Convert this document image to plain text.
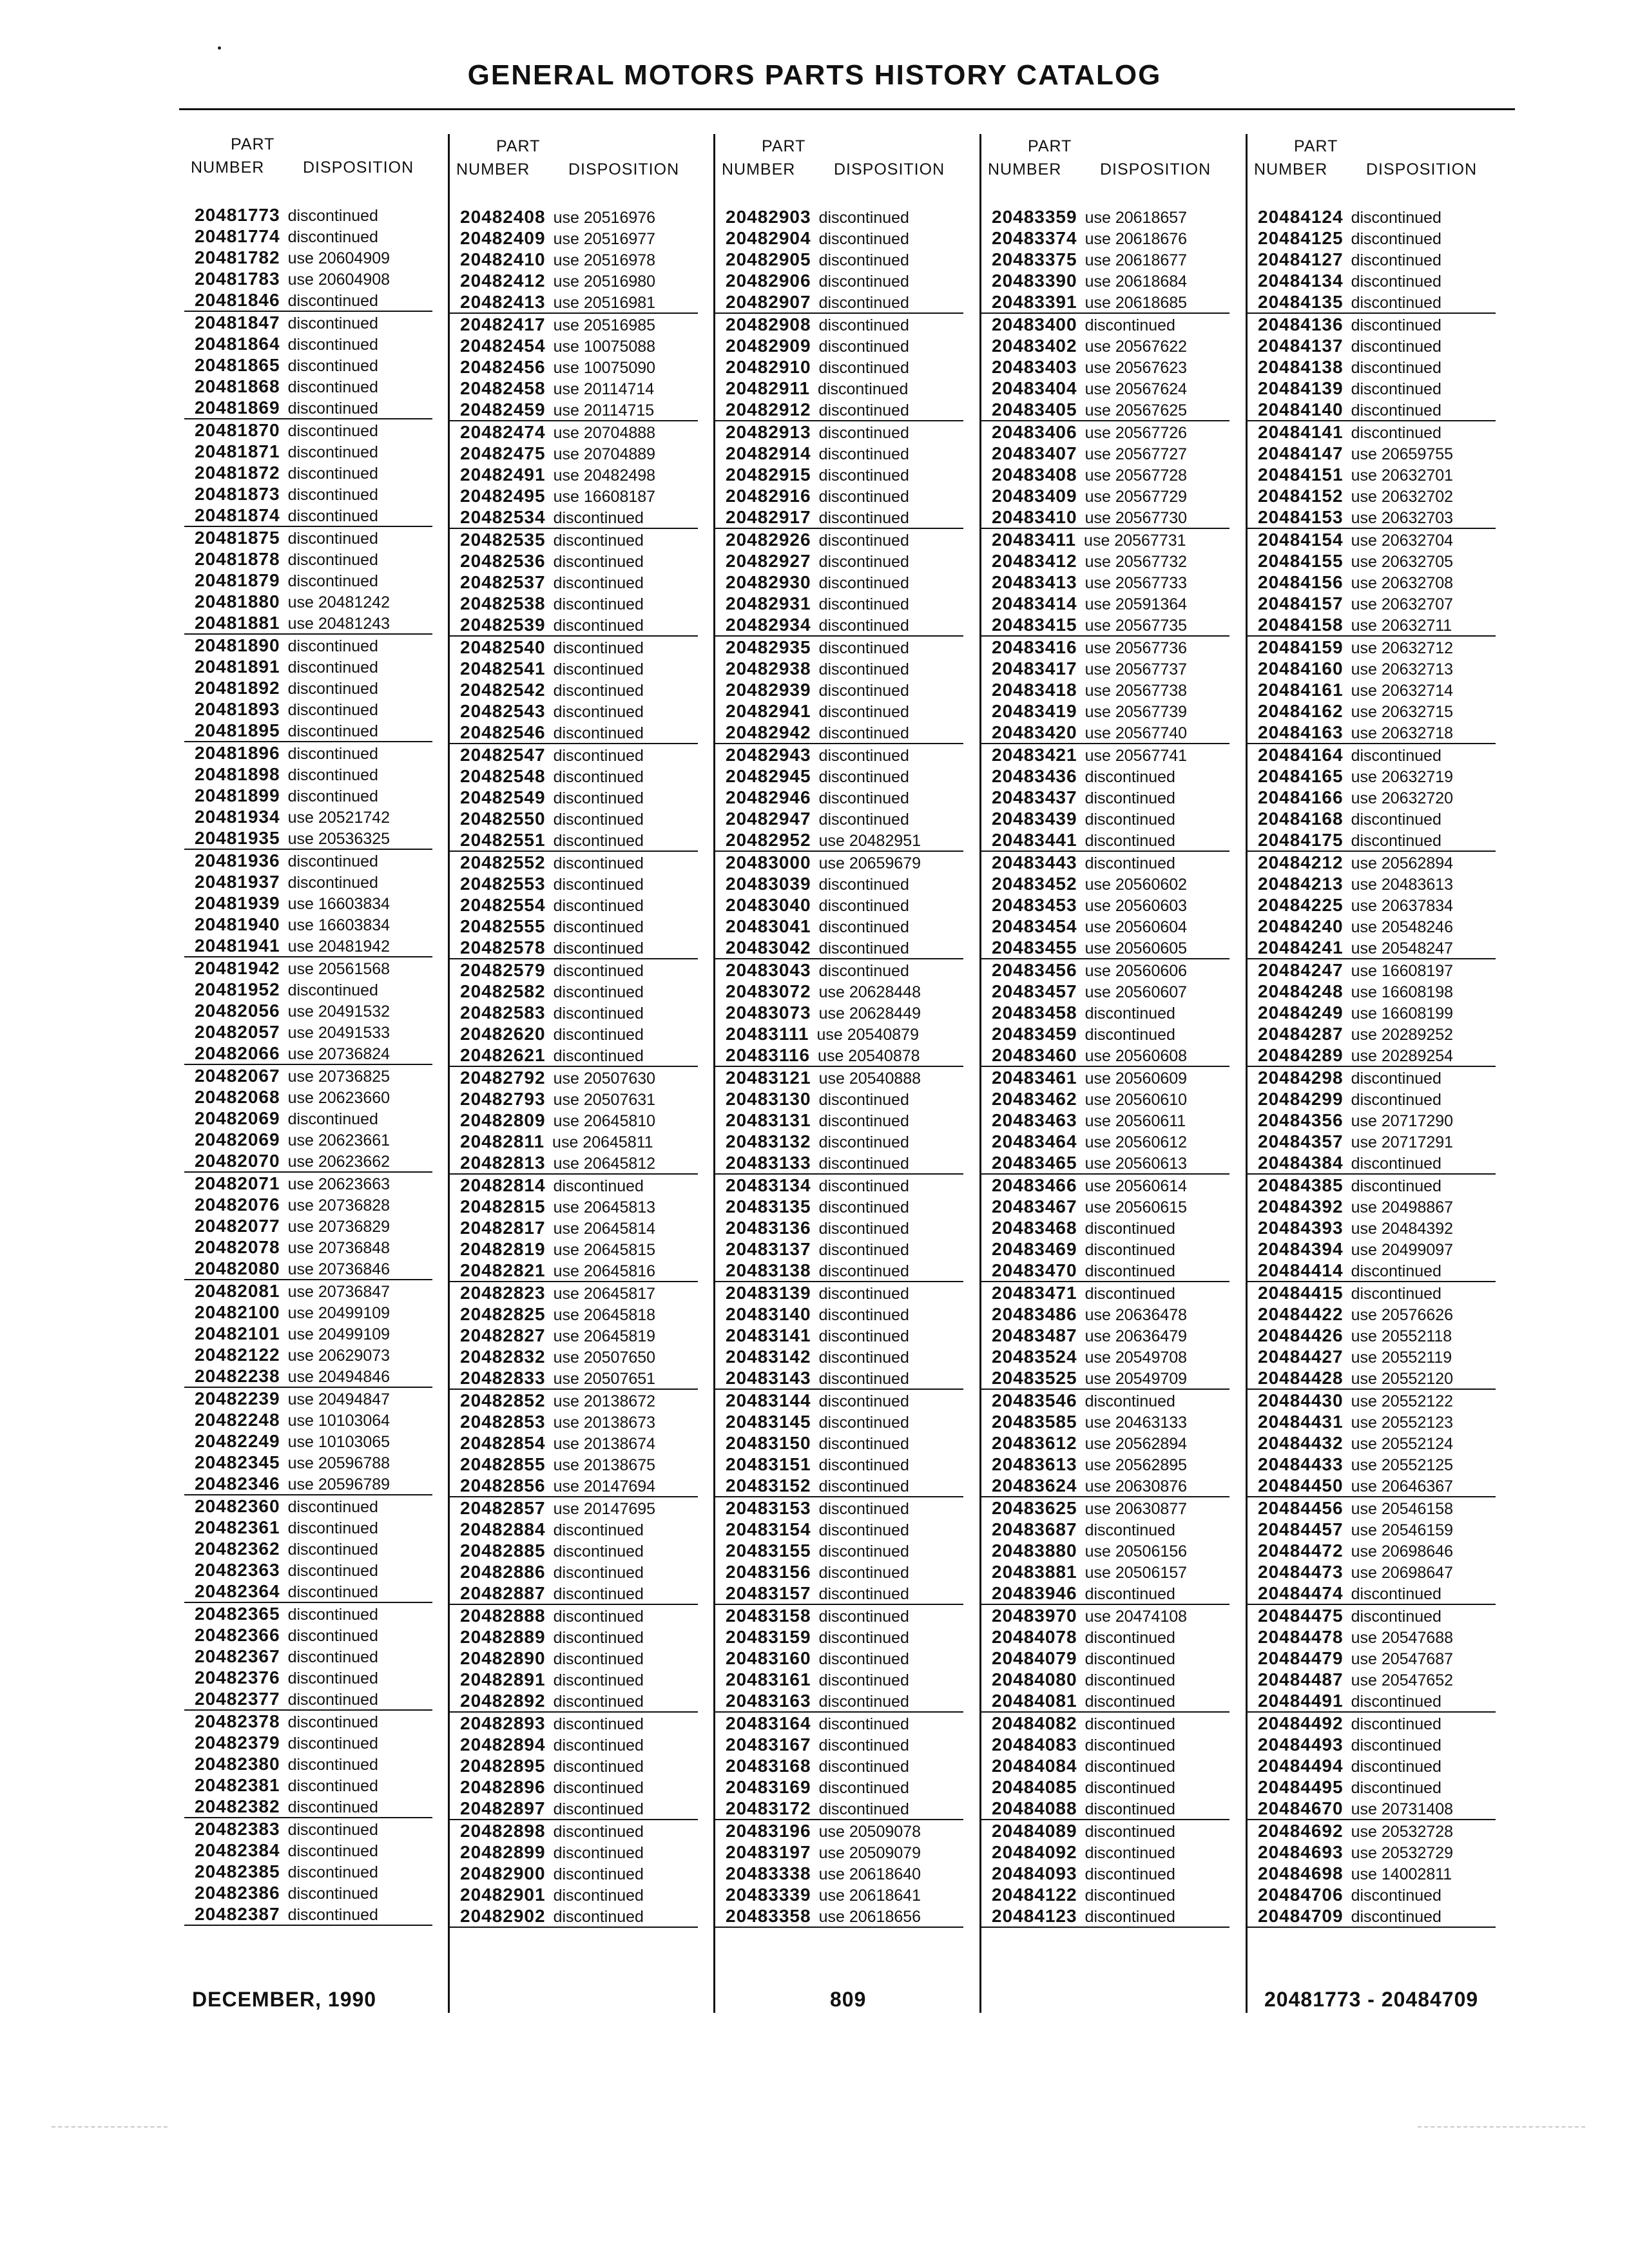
GENERAL MOTORS PARTS HISTORY CATALOG
PART
NUMBER DISPOSITION
20481773 discontinued
20481774 discontinued
20481782 use 20604909
20481783 use 20604908
20481846 discontinued
20481847 discontinued
20481864 discontinued
20481865 discontinued
20481868 discontinued
20481869 discontinued
20481870 discontinued
20481871 discontinued
20481872 discontinued
20481873 discontinued
20481874 discontinued
20481875 discontinued
20481878 discontinued
20481879 discontinued
20481880 use 20481242
20481881 use 20481243
20481890 discontinued
20481891 discontinued
20481892 discontinued
20481893 discontinued
20481895 discontinued
20481896 discontinued
20481898 discontinued
20481899 discontinued
20481934 use 20521742
20481935 use 20536325
20481936 discontinued
20481937 discontinued
20481939 use 16603834
20481940 use 16603834
20481941 use 20481942
20481942 use 20561568
20481952 discontinued
20482056 use 20491532
20482057 use 20491533
20482066 use 20736824
20482067 use 20736825
20482068 use 20623660
20482069 discontinued
20482069 use 20623661
20482070 use 20623662
20482071 use 20623663
20482076 use 20736828
20482077 use 20736829
20482078 use 20736848
20482080 use 20736846
20482081 use 20736847
20482100 use 20499109
20482101 use 20499109
20482122 use 20629073
20482238 use 20494846
20482239 use 20494847
20482248 use 10103064
20482249 use 10103065
20482345 use 20596788
20482346 use 20596789
20482360 discontinued
20482361 discontinued
20482362 discontinued
20482363 discontinued
20482364 discontinued
20482365 discontinued
20482366 discontinued
20482367 discontinued
20482376 discontinued
20482377 discontinued
20482378 discontinued
20482379 discontinued
20482380 discontinued
20482381 discontinued
20482382 discontinued
20482383 discontinued
20482384 discontinued
20482385 discontinued
20482386 discontinued
20482387 discontinued
PART
NUMBER DISPOSITION
20482408 use 20516976
20482409 use 20516977
20482410 use 20516978
20482412 use 20516980
20482413 use 20516981
20482417 use 20516985
20482454 use 10075088
20482456 use 10075090
20482458 use 20114714
20482459 use 20114715
20482474 use 20704888
20482475 use 20704889
20482491 use 20482498
20482495 use 16608187
20482534 discontinued
20482535 discontinued
20482536 discontinued
20482537 discontinued
20482538 discontinued
20482539 discontinued
20482540 discontinued
20482541 discontinued
20482542 discontinued
20482543 discontinued
20482546 discontinued
20482547 discontinued
20482548 discontinued
20482549 discontinued
20482550 discontinued
20482551 discontinued
20482552 discontinued
20482553 discontinued
20482554 discontinued
20482555 discontinued
20482578 discontinued
20482579 discontinued
20482582 discontinued
20482583 discontinued
20482620 discontinued
20482621 discontinued
20482792 use 20507630
20482793 use 20507631
20482809 use 20645810
20482811 use 20645811
20482813 use 20645812
20482814 discontinued
20482815 use 20645813
20482817 use 20645814
20482819 use 20645815
20482821 use 20645816
20482823 use 20645817
20482825 use 20645818
20482827 use 20645819
20482832 use 20507650
20482833 use 20507651
20482852 use 20138672
20482853 use 20138673
20482854 use 20138674
20482855 use 20138675
20482856 use 20147694
20482857 use 20147695
20482884 discontinued
20482885 discontinued
20482886 discontinued
20482887 discontinued
20482888 discontinued
20482889 discontinued
20482890 discontinued
20482891 discontinued
20482892 discontinued
20482893 discontinued
20482894 discontinued
20482895 discontinued
20482896 discontinued
20482897 discontinued
20482898 discontinued
20482899 discontinued
20482900 discontinued
20482901 discontinued
20482902 discontinued
PART
NUMBER DISPOSITION
20482903 discontinued
20482904 discontinued
20482905 discontinued
20482906 discontinued
20482907 discontinued
20482908 discontinued
20482909 discontinued
20482910 discontinued
20482911 discontinued
20482912 discontinued
20482913 discontinued
20482914 discontinued
20482915 discontinued
20482916 discontinued
20482917 discontinued
20482926 discontinued
20482927 discontinued
20482930 discontinued
20482931 discontinued
20482934 discontinued
20482935 discontinued
20482938 discontinued
20482939 discontinued
20482941 discontinued
20482942 discontinued
20482943 discontinued
20482945 discontinued
20482946 discontinued
20482947 discontinued
20482952 use 20482951
20483000 use 20659679
20483039 discontinued
20483040 discontinued
20483041 discontinued
20483042 discontinued
20483043 discontinued
20483072 use 20628448
20483073 use 20628449
20483111 use 20540879
20483116 use 20540878
20483121 use 20540888
20483130 discontinued
20483131 discontinued
20483132 discontinued
20483133 discontinued
20483134 discontinued
20483135 discontinued
20483136 discontinued
20483137 discontinued
20483138 discontinued
20483139 discontinued
20483140 discontinued
20483141 discontinued
20483142 discontinued
20483143 discontinued
20483144 discontinued
20483145 discontinued
20483150 discontinued
20483151 discontinued
20483152 discontinued
20483153 discontinued
20483154 discontinued
20483155 discontinued
20483156 discontinued
20483157 discontinued
20483158 discontinued
20483159 discontinued
20483160 discontinued
20483161 discontinued
20483163 discontinued
20483164 discontinued
20483167 discontinued
20483168 discontinued
20483169 discontinued
20483172 discontinued
20483196 use 20509078
20483197 use 20509079
20483338 use 20618640
20483339 use 20618641
20483358 use 20618656
PART
NUMBER DISPOSITION
20483359 use 20618657
20483374 use 20618676
20483375 use 20618677
20483390 use 20618684
20483391 use 20618685
20483400 discontinued
20483402 use 20567622
20483403 use 20567623
20483404 use 20567624
20483405 use 20567625
20483406 use 20567726
20483407 use 20567727
20483408 use 20567728
20483409 use 20567729
20483410 use 20567730
20483411 use 20567731
20483412 use 20567732
20483413 use 20567733
20483414 use 20591364
20483415 use 20567735
20483416 use 20567736
20483417 use 20567737
20483418 use 20567738
20483419 use 20567739
20483420 use 20567740
20483421 use 20567741
20483436 discontinued
20483437 discontinued
20483439 discontinued
20483441 discontinued
20483443 discontinued
20483452 use 20560602
20483453 use 20560603
20483454 use 20560604
20483455 use 20560605
20483456 use 20560606
20483457 use 20560607
20483458 discontinued
20483459 discontinued
20483460 use 20560608
20483461 use 20560609
20483462 use 20560610
20483463 use 20560611
20483464 use 20560612
20483465 use 20560613
20483466 use 20560614
20483467 use 20560615
20483468 discontinued
20483469 discontinued
20483470 discontinued
20483471 discontinued
20483486 use 20636478
20483487 use 20636479
20483524 use 20549708
20483525 use 20549709
20483546 discontinued
20483585 use 20463133
20483612 use 20562894
20483613 use 20562895
20483624 use 20630876
20483625 use 20630877
20483687 discontinued
20483880 use 20506156
20483881 use 20506157
20483946 discontinued
20483970 use 20474108
20484078 discontinued
20484079 discontinued
20484080 discontinued
20484081 discontinued
20484082 discontinued
20484083 discontinued
20484084 discontinued
20484085 discontinued
20484088 discontinued
20484089 discontinued
20484092 discontinued
20484093 discontinued
20484122 discontinued
20484123 discontinued
PART
NUMBER DISPOSITION
20484124 discontinued
20484125 discontinued
20484127 discontinued
20484134 discontinued
20484135 discontinued
20484136 discontinued
20484137 discontinued
20484138 discontinued
20484139 discontinued
20484140 discontinued
20484141 discontinued
20484147 use 20659755
20484151 use 20632701
20484152 use 20632702
20484153 use 20632703
20484154 use 20632704
20484155 use 20632705
20484156 use 20632708
20484157 use 20632707
20484158 use 20632711
20484159 use 20632712
20484160 use 20632713
20484161 use 20632714
20484162 use 20632715
20484163 use 20632718
20484164 discontinued
20484165 use 20632719
20484166 use 20632720
20484168 discontinued
20484175 discontinued
20484212 use 20562894
20484213 use 20483613
20484225 use 20637834
20484240 use 20548246
20484241 use 20548247
20484247 use 16608197
20484248 use 16608198
20484249 use 16608199
20484287 use 20289252
20484289 use 20289254
20484298 discontinued
20484299 discontinued
20484356 use 20717290
20484357 use 20717291
20484384 discontinued
20484385 discontinued
20484392 use 20498867
20484393 use 20484392
20484394 use 20499097
20484414 discontinued
20484415 discontinued
20484422 use 20576626
20484426 use 20552118
20484427 use 20552119
20484428 use 20552120
20484430 use 20552122
20484431 use 20552123
20484432 use 20552124
20484433 use 20552125
20484450 use 20646367
20484456 use 20546158
20484457 use 20546159
20484472 use 20698646
20484473 use 20698647
20484474 discontinued
20484475 discontinued
20484478 use 20547688
20484479 use 20547687
20484487 use 20547652
20484491 discontinued
20484492 discontinued
20484493 discontinued
20484494 discontinued
20484495 discontinued
20484670 use 20731408
20484692 use 20532728
20484693 use 20532729
20484698 use 14002811
20484706 discontinued
20484709 discontinued
DECEMBER, 1990	809	20481773 - 20484709
